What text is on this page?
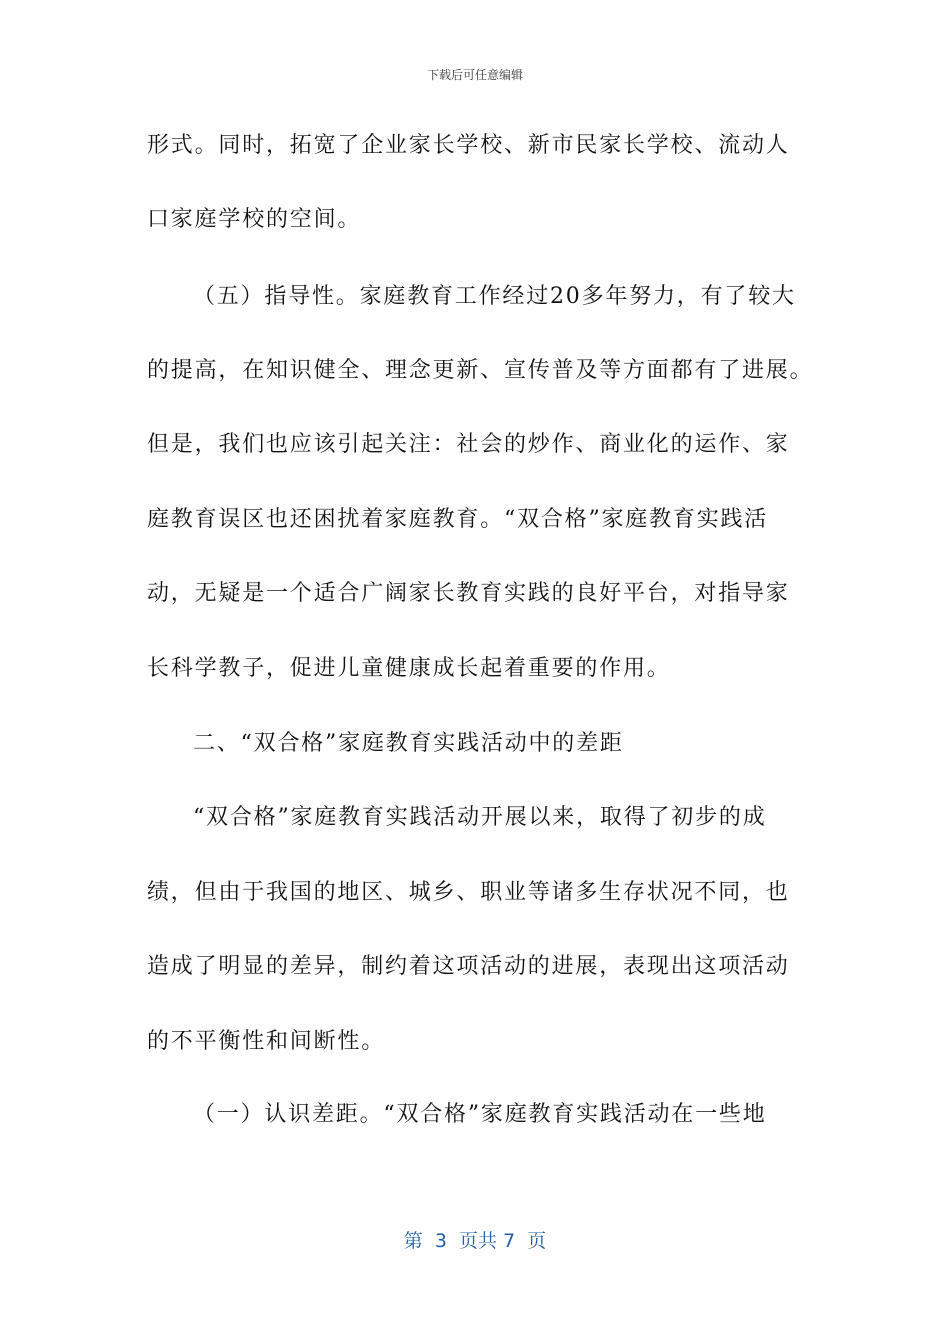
下载后可任意编辑
形式。同时，拓宽了企业家长学校、新市民家长学校、流动人
口家庭学校的空间。
（五）指导性。家庭教育工作经过20多年努力，有了较大
的提高，在知识健全、理念更新、宣传普及等方面都有了进展。
但是，我们也应该引起关注：社会的炒作、商业化的运作、家
庭教育误区也还困扰着家庭教育。“双合格”家庭教育实践活
动，无疑是一个适合广阔家长教育实践的良好平台，对指导家
长科学教子，促进儿童健康成长起着重要的作用。
二、“双合格”家庭教育实践活动中的差距
“双合格”家庭教育实践活动开展以来，取得了初步的成
绩，但由于我国的地区、城乡、职业等诸多生存状况不同，也
造成了明显的差异，制约着这项活动的进展，表现出这项活动
的不平衡性和间断性。
（一）认识差距。“双合格”家庭教育实践活动在一些地
第  3  页共 7  页
